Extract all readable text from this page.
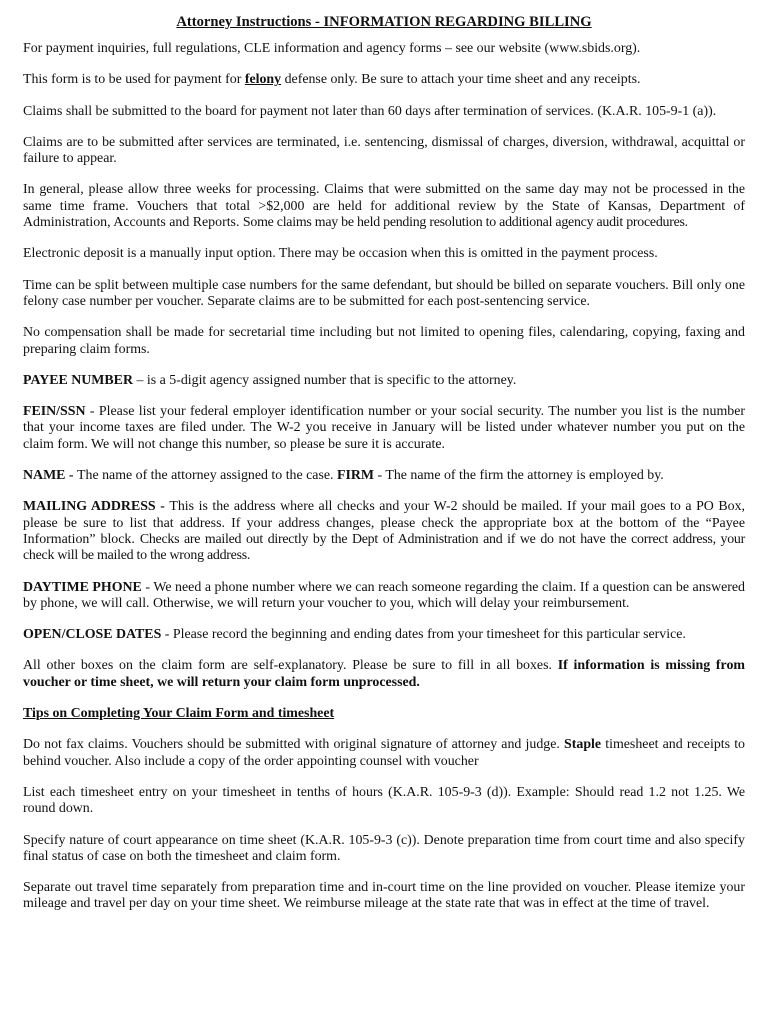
Attorney Instructions - INFORMATION REGARDING BILLING

For payment inquiries, full regulations, CLE information and agency forms – see our website (www.sbids.org).

This form is to be used for payment for felony defense only. Be sure to attach your time sheet and any receipts.

Claims shall be submitted to the board for payment not later than 60 days after termination of services. (K.A.R. 105-9-1 (a)).

Claims are to be submitted after services are terminated, i.e. sentencing, dismissal of charges, diversion, withdrawal, acquittal or failure to appear.

In general, please allow three weeks for processing. Claims that were submitted on the same day may not be processed in the same time frame. Vouchers that total >$2,000 are held for additional review by the State of Kansas, Department of Administration, Accounts and Reports. Some claims may be held pending resolution to additional agency audit procedures.

Electronic deposit is a manually input option. There may be occasion when this is omitted in the payment process.

Time can be split between multiple case numbers for the same defendant, but should be billed on separate vouchers. Bill only one felony case number per voucher. Separate claims are to be submitted for each post-sentencing service.

No compensation shall be made for secretarial time including but not limited to opening files, calendaring, copying, faxing and preparing claim forms.

PAYEE NUMBER – is a 5-digit agency assigned number that is specific to the attorney.

FEIN/SSN - Please list your federal employer identification number or your social security. The number you list is the number that your income taxes are filed under. The W-2 you receive in January will be listed under whatever number you put on the claim form. We will not change this number, so please be sure it is accurate.

NAME - The name of the attorney assigned to the case. FIRM - The name of the firm the attorney is employed by.

MAILING ADDRESS - This is the address where all checks and your W-2 should be mailed. If your mail goes to a PO Box, please be sure to list that address. If your address changes, please check the appropriate box at the bottom of the “Payee Information” block. Checks are mailed out directly by the Dept of Administration and if we do not have the correct address, your check will be mailed to the wrong address.

DAYTIME PHONE - We need a phone number where we can reach someone regarding the claim. If a question can be answered by phone, we will call. Otherwise, we will return your voucher to you, which will delay your reimbursement.

OPEN/CLOSE DATES - Please record the beginning and ending dates from your timesheet for this particular service.

All other boxes on the claim form are self-explanatory. Please be sure to fill in all boxes. If information is missing from voucher or time sheet, we will return your claim form unprocessed.

Tips on Completing Your Claim Form and timesheet

Do not fax claims. Vouchers should be submitted with original signature of attorney and judge. Staple timesheet and receipts to behind voucher. Also include a copy of the order appointing counsel with voucher

List each timesheet entry on your timesheet in tenths of hours (K.A.R. 105-9-3 (d)). Example: Should read 1.2 not 1.25. We round down.

Specify nature of court appearance on time sheet (K.A.R. 105-9-3 (c)). Denote preparation time from court time and also specify final status of case on both the timesheet and claim form.

Separate out travel time separately from preparation time and in-court time on the line provided on voucher. Please itemize your mileage and travel per day on your time sheet. We reimburse mileage at the state rate that was in effect at the time of travel.
